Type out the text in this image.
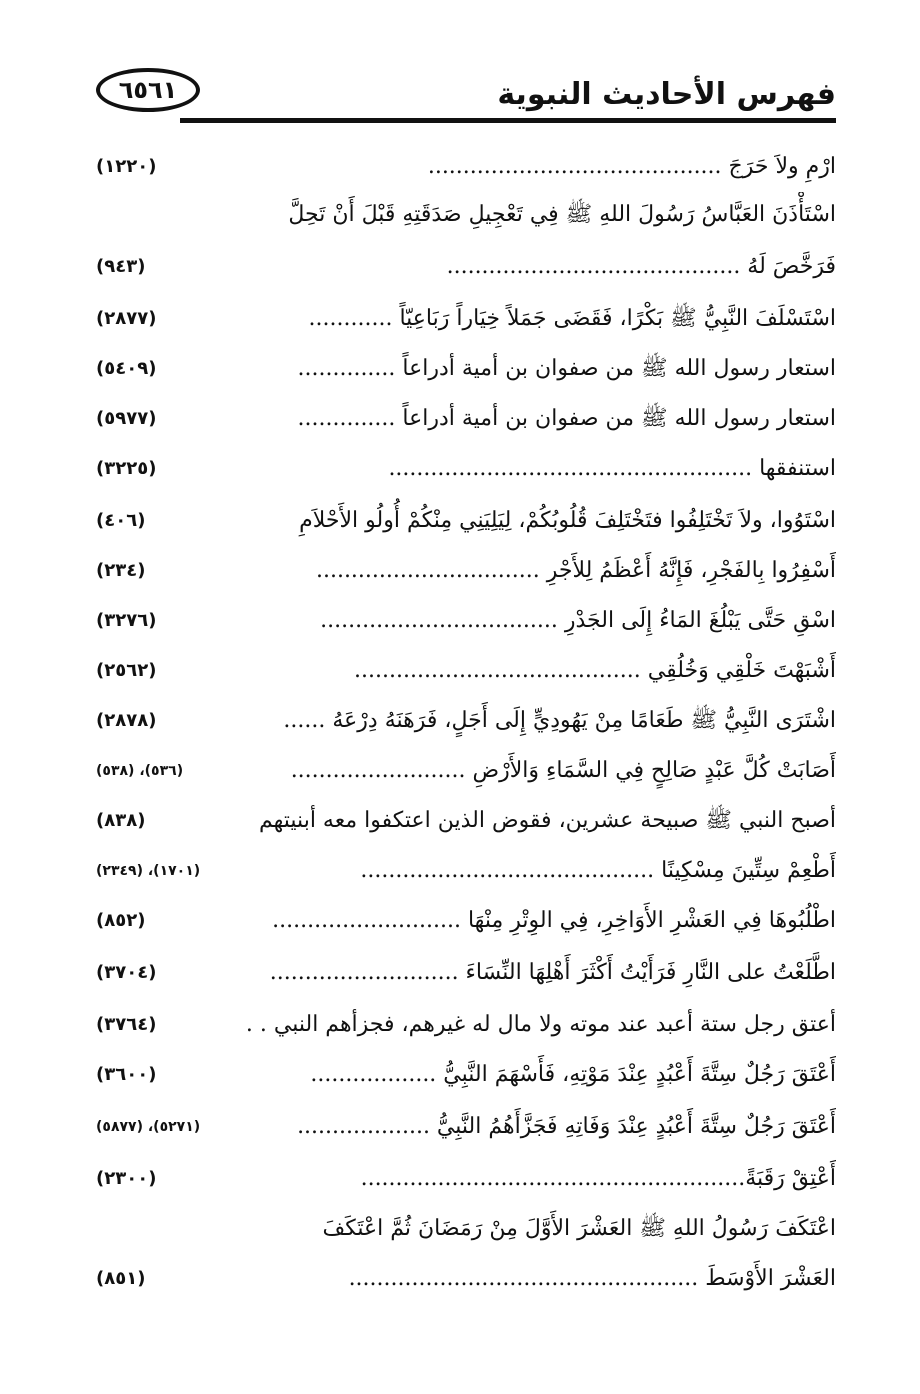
فهرس الأحاديث النبوية
٦٥٦١
ارْمِ ولاَ حَرَجَ ..........................................
(١٢٢٠)
اسْتَأْذَنَ العَبَّاسُ رَسُولَ اللهِ ﷺ فِي تَعْجِيلِ صَدَقَتِهِ قَبْلَ أَنْ تَحِلَّ
فَرَخَّصَ لَهُ ..........................................
(٩٤٣)
اسْتَسْلَفَ النَّبِيُّ ﷺ بَكْرًا، فَقَضَى جَمَلاً خِيَاراً رَبَاعِيّاً ............
(٢٨٧٧)
استعار رسول الله ﷺ من صفوان بن أمية أدراعاً ..............
(٥٤٠٩)
استعار رسول الله ﷺ من صفوان بن أمية أدراعاً ..............
(٥٩٧٧)
استنفقها ....................................................
(٣٢٢٥)
اسْتَوُوا، ولاَ تَخْتَلِفُوا فتَخْتَلِفَ قُلُوبُكُمْ، لِيَلِيَنِي مِنْكُمْ أُولُو الأَحْلاَمِ
(٤٠٦)
أَسْفِرُوا بِالفَجْرِ، فَإِنَّهُ أَعْظَمُ لِلأَجْرِ ................................
(٢٣٤)
اسْقِ حَتَّى يَبْلُغَ المَاءُ إِلَى الجَدْرِ ..................................
(٣٢٧٦)
أَشْبَهْتَ خَلْقِي وَخُلُقِي .........................................
(٢٥٦٢)
اشْتَرَى النَّبِيُّ ﷺ طَعَامًا مِنْ يَهُودِيٍّ إِلَى أَجَلٍ، فَرَهَنَهُ دِرْعَهُ ......
(٢٨٧٨)
أَصَابَتْ كُلَّ عَبْدٍ صَالِحٍ فِي السَّمَاءِ وَالأَرْضِ .........................
(٥٣٦)، (٥٣٨)
أصبح النبي ﷺ صبيحة عشرين، فقوض الذين اعتكفوا معه أبنيتهم
(٨٣٨)
أَطْعِمْ سِتِّينَ مِسْكِينًا ..........................................
(١٧٠١)، (٢٣٤٩)
اطْلُبُوهَا فِي العَشْرِ الأَوَاخِرِ، فِي الوِتْرِ مِنْهَا ...........................
(٨٥٢)
اطَّلَعْتُ على النَّارِ فَرَأَيْتُ أَكْثَرَ أَهْلِهَا النِّسَاءَ ...........................
(٣٧٠٤)
أعتق رجل ستة أعبد عند موته ولا مال له غيرهم، فجزأهم النبي . .
(٣٧٦٤)
أَعْتَقَ رَجُلٌ سِتَّةَ أَعْبُدٍ عِنْدَ مَوْتِهِ، فَأَسْهَمَ النَّبِيُّ ..................
(٣٦٠٠)
أَعْتَقَ رَجُلٌ سِتَّةَ أَعْبُدٍ عِنْدَ وَفَاتِهِ فَجَزَّأَهُمُ النَّبِيُّ ...................
(٥٢٧١)، (٥٨٧٧)
أَعْتِقْ رَقَبَةً.......................................................
(٢٣٠٠)
اعْتَكَفَ رَسُولُ اللهِ ﷺ العَشْرَ الأَوَّلَ مِنْ رَمَضَانَ ثُمَّ اعْتَكَفَ
العَشْرَ الأَوْسَطَ ..................................................
(٨٥١)
